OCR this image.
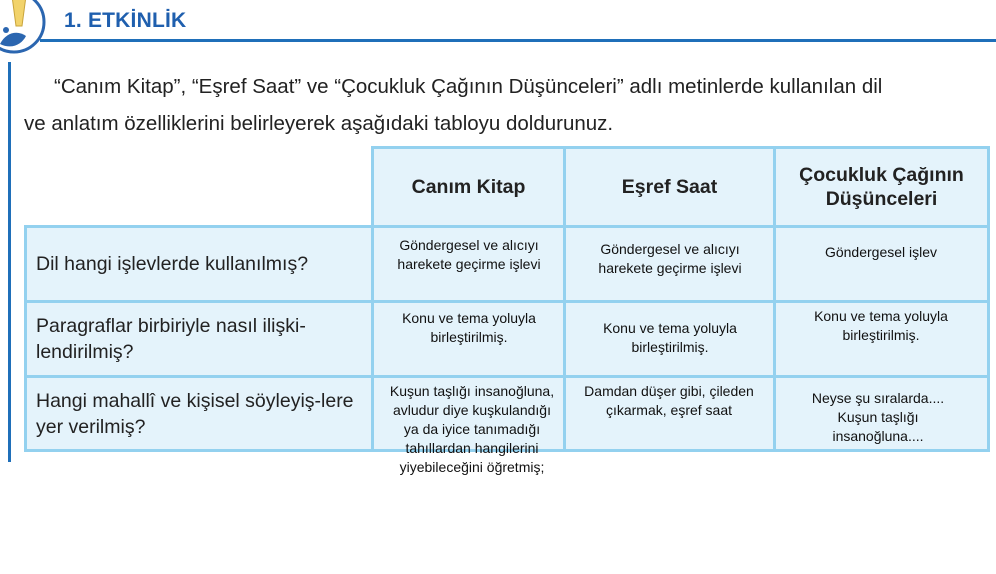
1. ETKİNLİK

“Canım Kitap”, “Eşref Saat” ve “Çocukluk Çağının Düşünceleri” adlı metinlerde kullanılan dil

ve anlatım özelliklerini belirleyerek aşağıdaki tabloyu doldurunuz.

Canım Kitap	Eşref Saat
Çocukluk Çağının Düşünceleri
Dil hangi işlevlerde kullanılmış?
Paragraflar birbiriyle nasıl ilişki-lendirilmiş?
Hangi mahallî ve kişisel söyleyiş-lere yer verilmiş?
Göndergesel ve alıcıyı harekete geçirme işlevi
Göndergesel ve alıcıyı harekete geçirme işlevi
Göndergesel işlev
Konu ve tema yoluyla birleştirilmiş.
Konu ve tema yoluyla birleştirilmiş.
Konu ve tema yoluyla birleştirilmiş.
Kuşun taşlığı insanoğluna, avludur diye kuşkulandığı ya da iyice tanımadığı tahıllardan hangilerini yiyebileceğini öğretmiş;
Damdan düşer gibi, çileden çıkarmak, eşref saat
Neyse şu sıralarda.... Kuşun taşlığı insanoğluna....
